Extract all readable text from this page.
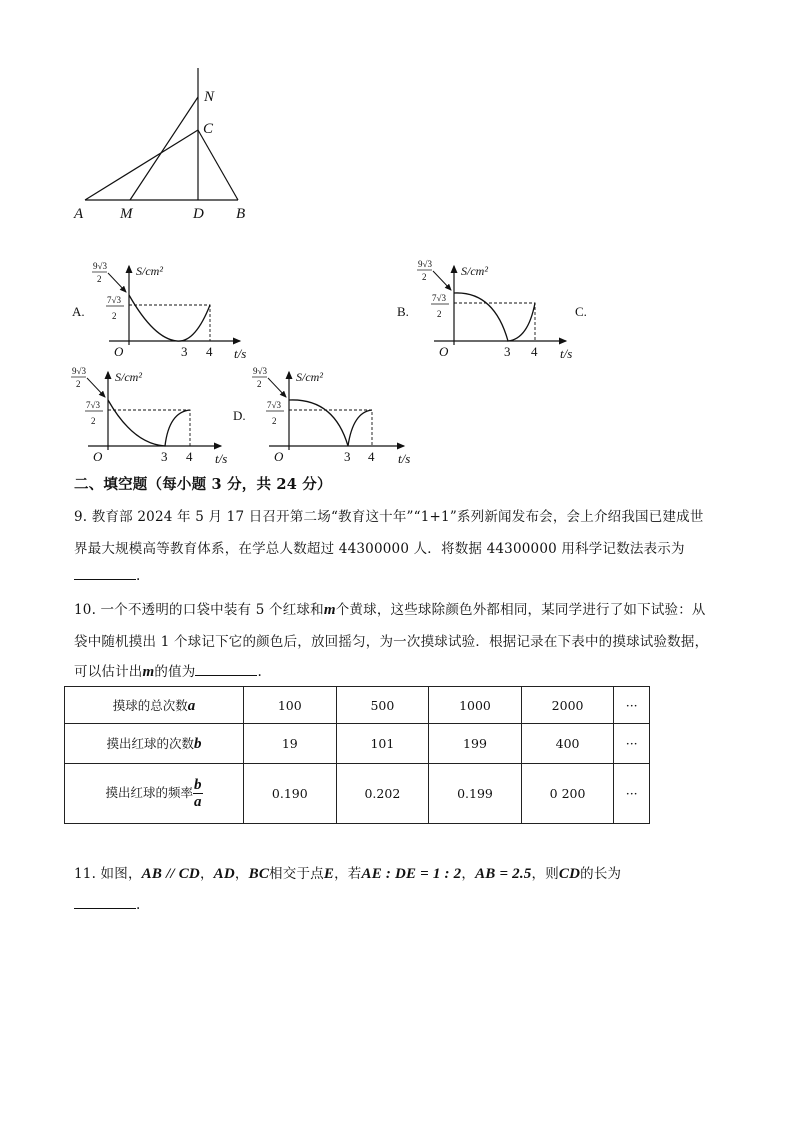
N
C
A M	D B
A.	B.	C.
D.
9√3
2
7√3
2
S/cm²
O	3 4 t/s
9√3
2
7√3
2
S/cm²
O	3 4 t/s
9√3
2
7√3
2
S/cm²
O	3 4 t/s
9√3
2
7√3
2
S/cm²
O	3 4 t/s
二、填空题（每小题 3 分，共 24 分）
9. 教育部 2024 年 5 月 17 日召开第二场“教育这十年”“1+1”系列新闻发布会，会上介绍我国已建成世
界最大规模高等教育体系，在学总人数超过 44300000 人．将数据 44300000 用科学记数法表示为
.
10. 一个不透明的口袋中装有 5 个红球和m个黄球，这些球除颜色外都相同，某同学进行了如下试验：从
袋中随机摸出 1 个球记下它的颜色后，放回摇匀，为一次摸球试验．根据记录在下表中的摸球试验数据，
可以估计出m的值为	.
摸球的总次数a	100	500	1000	2000	···
摸出红球的次数b	19	101	199	400	···
摸出红球的频率 $\frac{b}{a}$	0.190	0.202	0.199	0 200	···
11. 如图，AB // CD，AD，BC相交于点E，若AE : DE = 1 : 2，AB = 2.5，则CD的长为
.
